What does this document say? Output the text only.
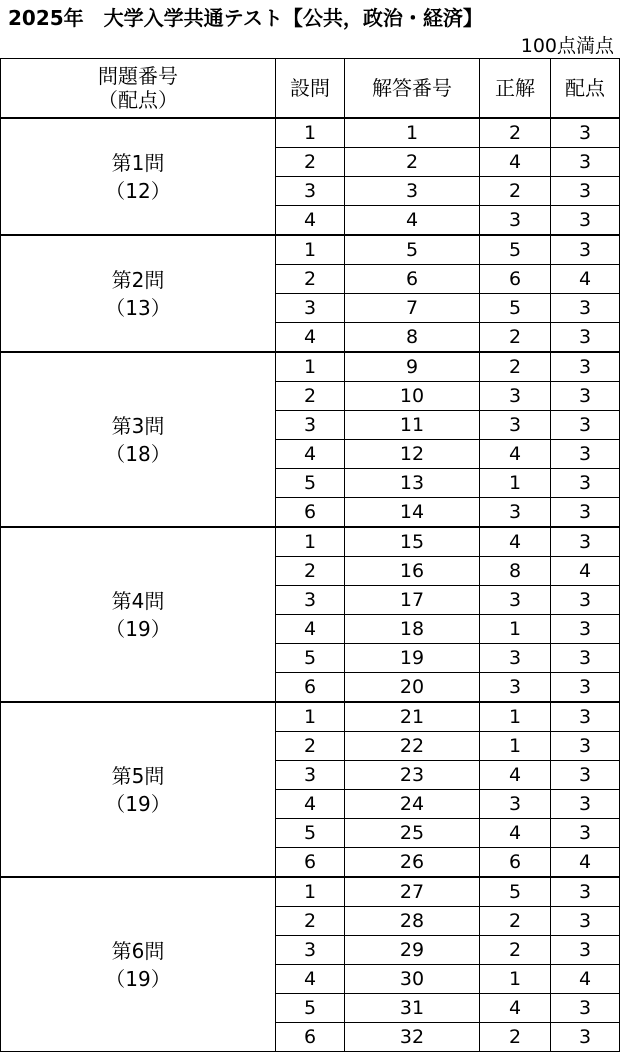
2025年　大学入学共通テスト【公共，政治・経済】
100点満点
問題番号
（配点）	設問	解答番号	正解	配点

第1問
（12）	1	1	2	3
	2	2	4	3
	3	3	2	3
	4	4	3	3

第2問
（13）	1	5	5	3
	2	6	6	4
	3	7	5	3
	4	8	2	3

第3問
（18）	1	9	2	3
	2	10	3	3
	3	11	3	3
	4	12	4	3
	5	13	1	3
	6	14	3	3

第4問
（19）	1	15	4	3
	2	16	8	4
	3	17	3	3
	4	18	1	3
	5	19	3	3
	6	20	3	3

第5問
（19）	1	21	1	3
	2	22	1	3
	3	23	4	3
	4	24	3	3
	5	25	4	3
	6	26	6	4

第6問
（19）	1	27	5	3
	2	28	2	3
	3	29	2	3
	4	30	1	4
	5	31	4	3
	6	32	2	3
